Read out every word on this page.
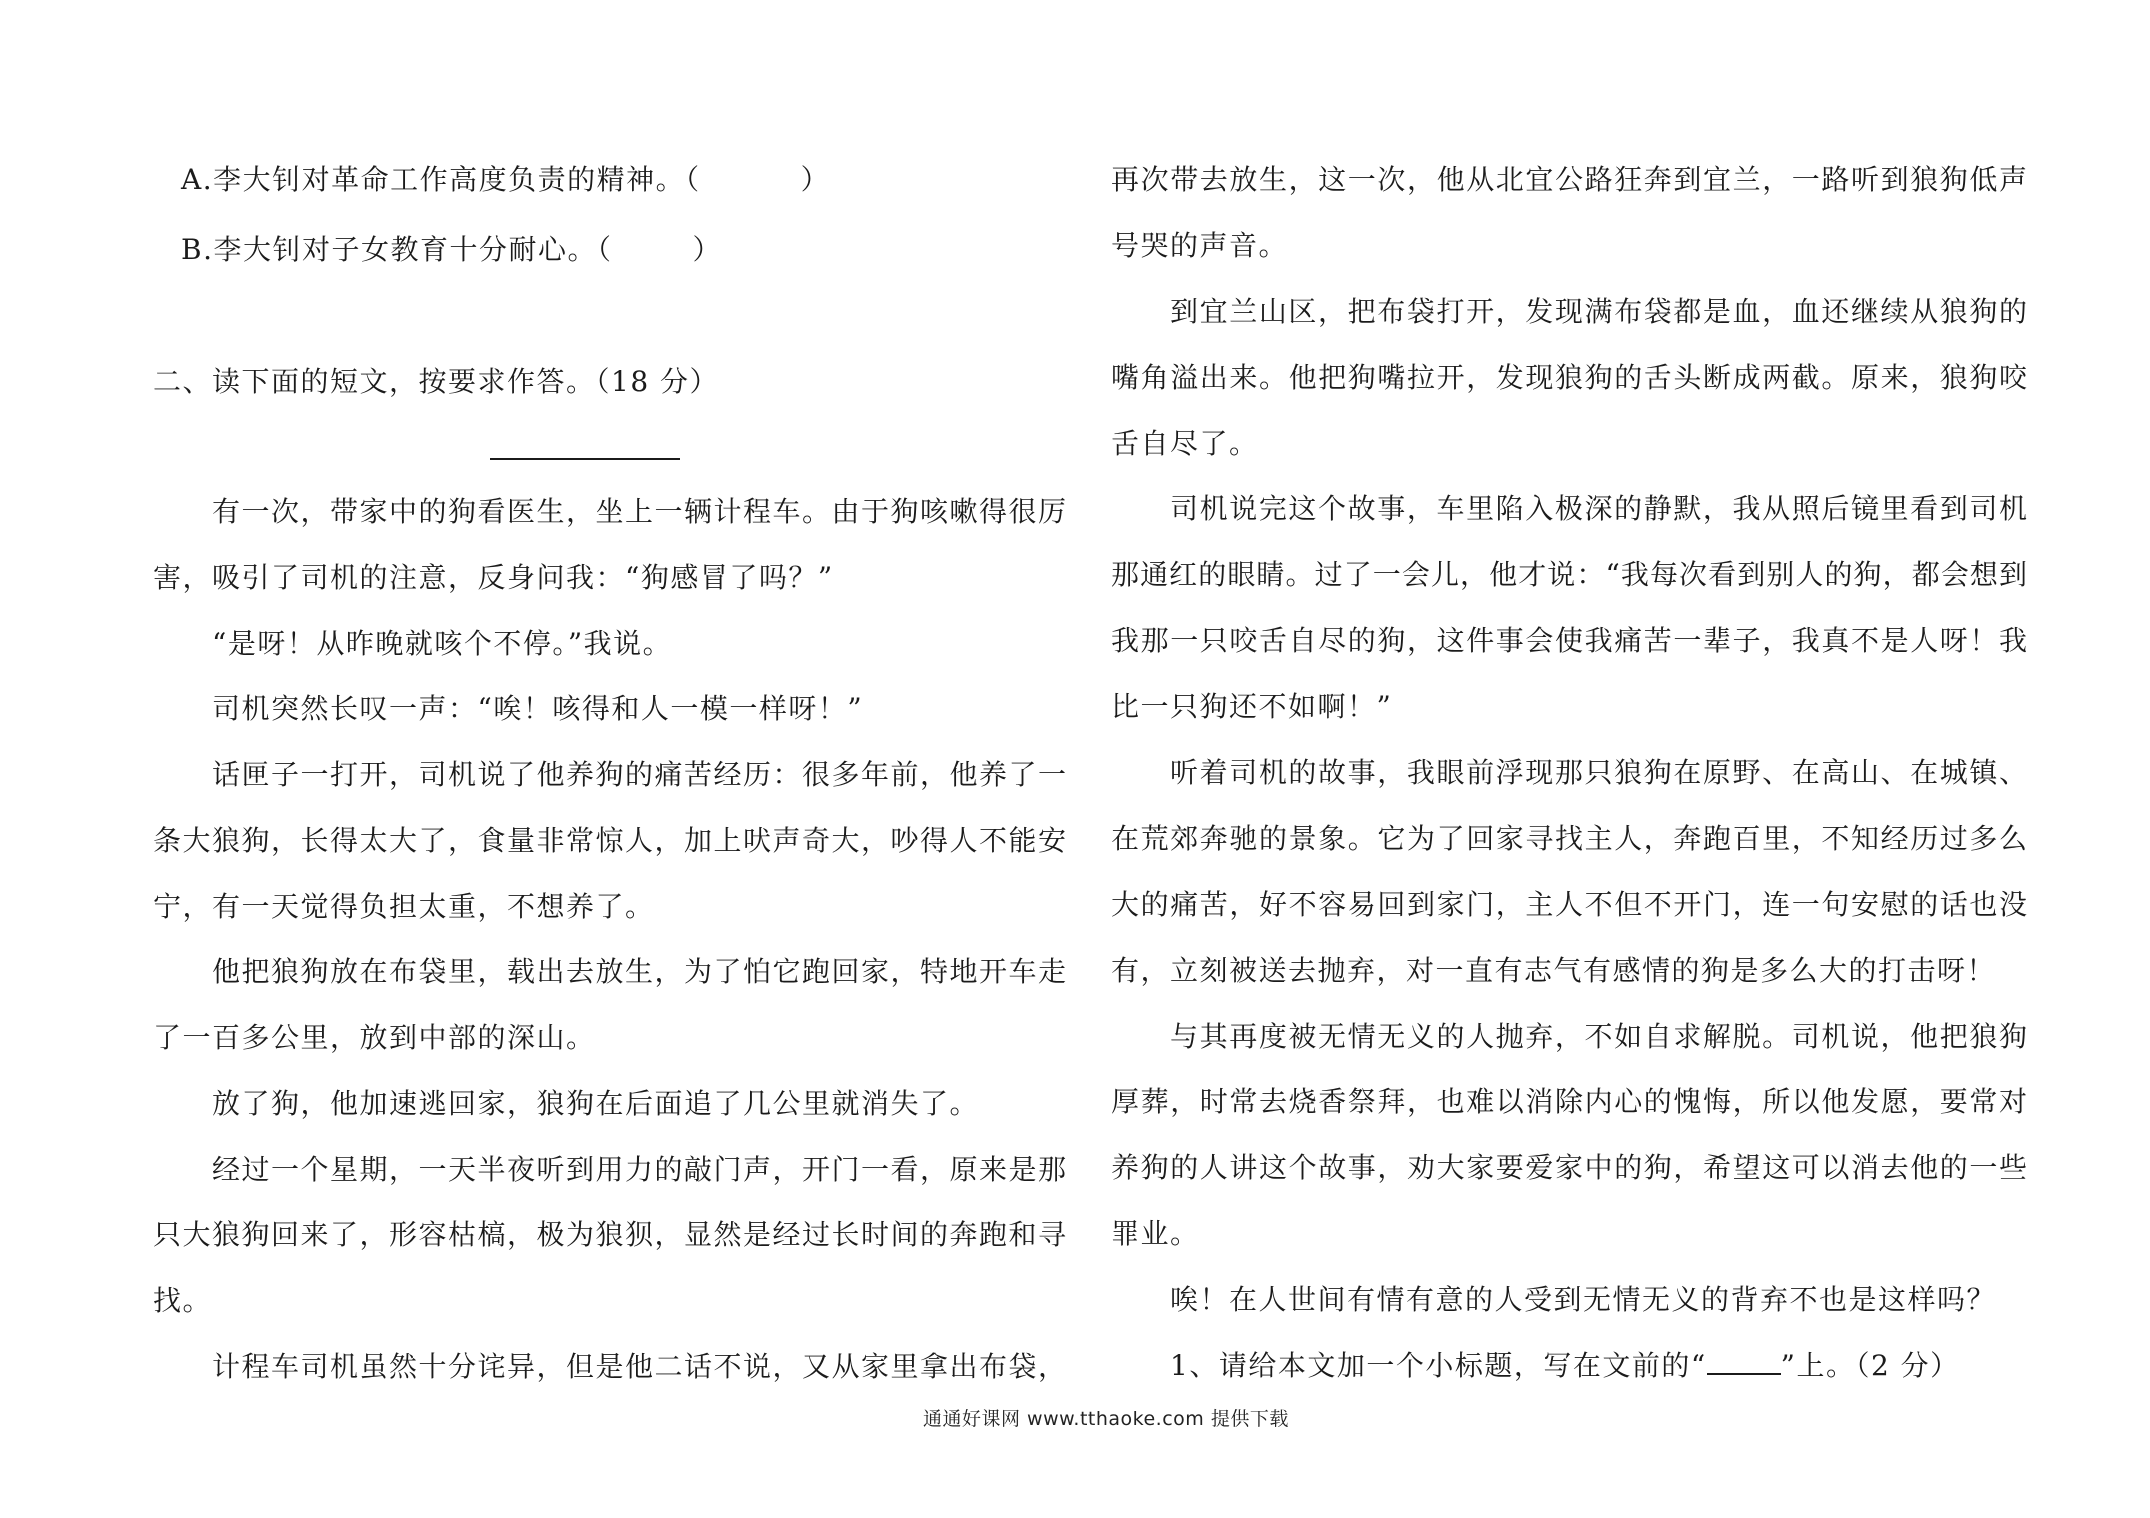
A.李大钊对革命工作高度负责的精神。（	）
B.李大钊对子女教育十分耐心。（	）
二、读下面的短文，按要求作答。（18 分）
有一次，带家中的狗看医生，坐上一辆计程车。由于狗咳嗽得很厉
害，吸引了司机的注意，反身问我：“狗感冒了吗？”
“是呀！从昨晚就咳个不停。”我说。
司机突然长叹一声：“唉！咳得和人一模一样呀！”
话匣子一打开，司机说了他养狗的痛苦经历：很多年前，他养了一
条大狼狗，长得太大了，食量非常惊人，加上吠声奇大，吵得人不能安
宁，有一天觉得负担太重，不想养了。
他把狼狗放在布袋里，载出去放生，为了怕它跑回家，特地开车走
了一百多公里，放到中部的深山。
放了狗，他加速逃回家，狼狗在后面追了几公里就消失了。
经过一个星期，一天半夜听到用力的敲门声，开门一看，原来是那
只大狼狗回来了，形容枯槁，极为狼狈，显然是经过长时间的奔跑和寻
找。
计程车司机虽然十分诧异，但是他二话不说，又从家里拿出布袋，
再次带去放生，这一次，他从北宜公路狂奔到宜兰，一路听到狼狗低声
号哭的声音。
到宜兰山区，把布袋打开，发现满布袋都是血，血还继续从狼狗的
嘴角溢出来。他把狗嘴拉开，发现狼狗的舌头断成两截。原来，狼狗咬
舌自尽了。
司机说完这个故事，车里陷入极深的静默，我从照后镜里看到司机
那通红的眼睛。过了一会儿，他才说：“我每次看到别人的狗，都会想到
我那一只咬舌自尽的狗，这件事会使我痛苦一辈子，我真不是人呀！我
比一只狗还不如啊！”
听着司机的故事，我眼前浮现那只狼狗在原野、在高山、在城镇、
在荒郊奔驰的景象。它为了回家寻找主人，奔跑百里，不知经历过多么
大的痛苦，好不容易回到家门，主人不但不开门，连一句安慰的话也没
有，立刻被送去抛弃，对一直有志气有感情的狗是多么大的打击呀！
与其再度被无情无义的人抛弃，不如自求解脱。司机说，他把狼狗
厚葬，时常去烧香祭拜，也难以消除内心的愧悔，所以他发愿，要常对
养狗的人讲这个故事，劝大家要爱家中的狗，希望这可以消去他的一些
罪业。
唉！在人世间有情有意的人受到无情无义的背弃不也是这样吗？
1、请给本文加一个小标题，写在文前的“	”上。（2 分）
通通好课网 www.tthaoke.com 提供下载
